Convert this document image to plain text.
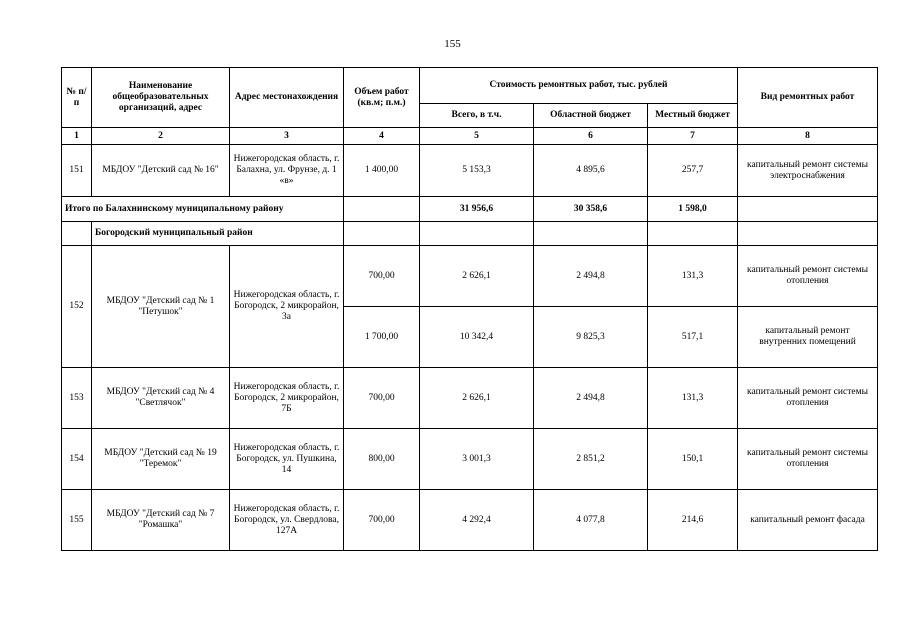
155
№ п/п	Наименование общеобразовательных организаций, адрес	Адрес местонахождения	Объем работ (кв.м; п.м.)	Стоимость ремонтных работ, тыс. рублей			Вид ремонтных работ
				Всего, в т.ч.	Областной бюджет	Местный бюджет	
1	2	3	4	5	6	7	8
151	МБДОУ "Детский сад № 16"	Нижегородская область, г. Балахна, ул. Фрунзе, д. 1 «в»	1 400,00	5 153,3	4 895,6	257,7	капитальный ремонт системы электроснабжения
Итого по Балахнинскому муниципальному району				31 956,6	30 358,6	1 598,0	
	Богородский муниципальный район						
152	МБДОУ "Детский сад № 1 "Петушок"	Нижегородская область, г. Богородск, 2 микрорайон, 3а	700,00	2 626,1	2 494,8	131,3	капитальный ремонт системы отопления
			1 700,00	10 342,4	9 825,3	517,1	капитальный ремонт внутренних помещений
153	МБДОУ "Детский сад № 4 "Светлячок"	Нижегородская область, г. Богородск, 2 микрорайон, 7Б	700,00	2 626,1	2 494,8	131,3	капитальный ремонт системы отопления
154	МБДОУ "Детский сад № 19 "Теремок"	Нижегородская область, г. Богородск, ул. Пушкина, 14	800,00	3 001,3	2 851,2	150,1	капитальный ремонт системы отопления
155	МБДОУ "Детский сад № 7 "Ромашка"	Нижегородская область, г. Богородск, ул. Свердлова, 127А	700,00	4 292,4	4 077,8	214,6	капитальный ремонт фасада
